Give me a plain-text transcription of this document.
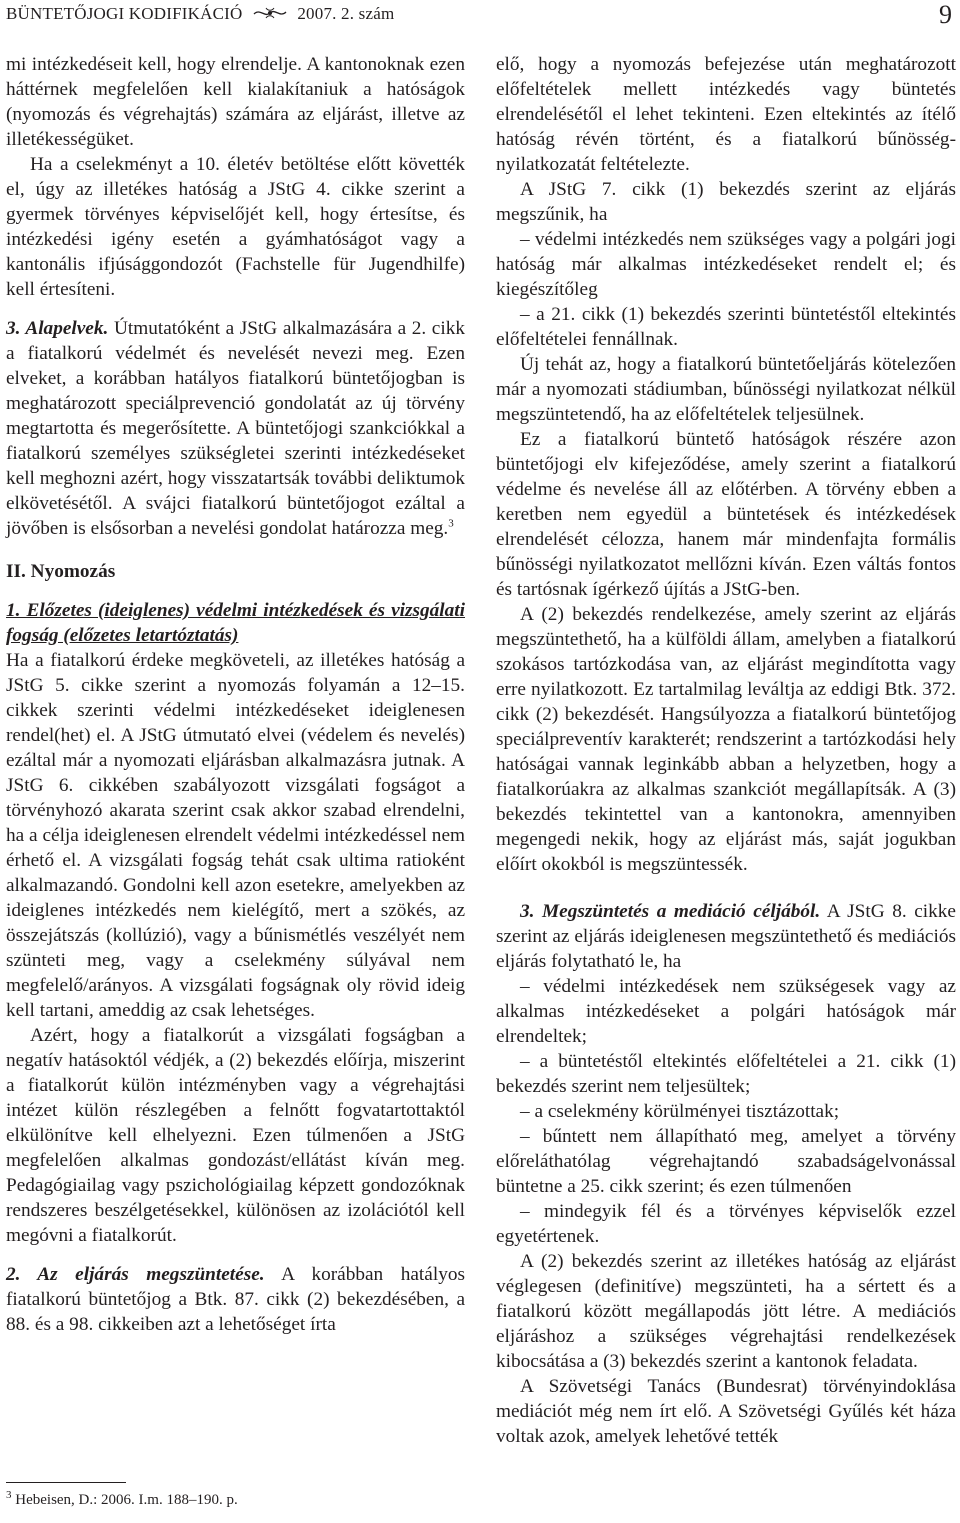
BÜNTETŐJOGI KODIFIKÁCIÓ	2007. 2. szám	9

mi intézkedéseit kell, hogy elrendelje. A kantonoknak ezen háttérnek megfelelően kell kialakítaniuk a hatóságok (nyomozás és végrehajtás) számára az eljárást, illetve az illetékességüket.

Ha a cselekményt a 10. életév betöltése előtt követték el, úgy az illetékes hatóság a JStG 4. cikke szerint a gyermek törvényes képviselőjét kell, hogy értesítse, és intézkedési igény esetén a gyámhatóságot vagy a kantonális ifjúsággondozót (Fachstelle für Jugendhilfe) kell értesíteni.

3. Alapelvek. Útmutatóként a JStG alkalmazására a 2. cikk a fiatalkorú védelmét és nevelését nevezi meg. Ezen elveket, a korábban hatályos fiatalkorú büntetőjogban is meghatározott speciálprevenció gondolatát az új törvény megtartotta és megerősítette. A büntetőjogi szankciókkal a fiatalkorú személyes szükségletei szerinti intézkedéseket kell meghozni azért, hogy visszatartsák további deliktumok elkövetésétől. A svájci fiatalkorú büntetőjogot ezáltal a jövőben is elsősorban a nevelési gondolat határozza meg.$^3$

II. Nyomozás

1. Előzetes (ideiglenes) védelmi intézkedések és vizsgálati fogság (előzetes letartóztatás)

Ha a fiatalkorú érdeke megköveteli, az illetékes hatóság a JStG 5. cikke szerint a nyomozás folyamán a 12–15. cikkek szerinti védelmi intézkedéseket ideiglenesen rendel(het) el. A JStG útmutató elvei (védelem és nevelés) ezáltal már a nyomozati eljárásban alkalmazásra jutnak. A JStG 6. cikkében szabályozott vizsgálati fogságot a törvényhozó akarata szerint csak akkor szabad elrendelni, ha a célja ideiglenesen elrendelt védelmi intézkedéssel nem érhető el. A vizsgálati fogság tehát csak ultima ratioként alkalmazandó. Gondolni kell azon esetekre, amelyekben az ideiglenes intézkedés nem kielégítő, mert a szökés, az összejátszás (kollúzió), vagy a bűnismétlés veszélyét nem szünteti meg, vagy a cselekmény súlyával nem megfelelő/arányos. A vizsgálati fogságnak oly rövid ideig kell tartani, ameddig az csak lehetséges.

Azért, hogy a fiatalkorút a vizsgálati fogságban a negatív hatásoktól védjék, a (2) bekezdés előírja, miszerint a fiatalkorút külön intézményben vagy a végrehajtási intézet külön részlegében a felnőtt fogvatartottaktól elkülönítve kell elhelyezni. Ezen túlmenően a JStG megfelelően alkalmas gondozást/ellátást kíván meg. Pedagógiailag vagy pszichológiailag képzett gondozóknak rendszeres beszélgetésekkel, különösen az izolációtól kell megóvni a fiatalkorút.

2. Az eljárás megszüntetése. A korábban hatályos fiatalkorú büntetőjog a Btk. 87. cikk (2) bekezdésében, a 88. és a 98. cikkeiben azt a lehetőséget írta

elő, hogy a nyomozás befejezése után meghatározott előfeltételek mellett intézkedés vagy büntetés elrendelésétől el lehet tekinteni. Ezen eltekintés az ítélő hatóság révén történt, és a fiatalkorú bűnösség-nyilatkozatát feltételezte.

A JStG 7. cikk (1) bekezdés szerint az eljárás megszűnik, ha

– védelmi intézkedés nem szükséges vagy a polgári jogi hatóság már alkalmas intézkedéseket rendelt el; és kiegészítőleg

– a 21. cikk (1) bekezdés szerinti büntetéstől eltekintés előfeltételei fennállnak.

Új tehát az, hogy a fiatalkorú büntetőeljárás kötelezően már a nyomozati stádiumban, bűnösségi nyilatkozat nélkül megszüntetendő, ha az előfeltételek teljesülnek.

Ez a fiatalkorú büntető hatóságok részére azon büntetőjogi elv kifejeződése, amely szerint a fiatalkorú védelme és nevelése áll az előtérben. A törvény ebben a keretben nem egyedül a büntetések és intézkedések elrendelését célozza, hanem már mindenfajta formális bűnösségi nyilatkozatot mellőzni kíván. Ezen váltás fontos és tartósnak ígérkező újítás a JStG-ben.

A (2) bekezdés rendelkezése, amely szerint az eljárás megszüntethető, ha a külföldi állam, amelyben a fiatalkorú szokásos tartózkodása van, az eljárást megindította vagy erre nyilatkozott. Ez tartalmilag leváltja az eddigi Btk. 372. cikk (2) bekezdését. Hangsúlyozza a fiatalkorú büntetőjog speciálpreventív karakterét; rendszerint a tartózkodási hely hatóságai vannak leginkább abban a helyzetben, hogy a fiatalkorúakra az alkalmas szankciót megállapítsák. A (3) bekezdés tekintettel van a kantonokra, amennyiben megengedi nekik, hogy az eljárást más, saját jogukban előírt okokból is megszüntessék.

3. Megszüntetés a mediáció céljából. A JStG 8. cikke szerint az eljárás ideiglenesen megszüntethető és mediációs eljárás folytatható le, ha

– védelmi intézkedések nem szükségesek vagy az alkalmas intézkedéseket a polgári hatóságok már elrendeltek;

– a büntetéstől eltekintés előfeltételei a 21. cikk (1) bekezdés szerint nem teljesültek;

– a cselekmény körülményei tisztázottak;

– bűntett nem állapítható meg, amelyet a törvény előreláthatólag végrehajtandó szabadságelvonással büntetne a 25. cikk szerint; és ezen túlmenően

– mindegyik fél és a törvényes képviselők ezzel egyetértenek.

A (2) bekezdés szerint az illetékes hatóság az eljárást véglegesen (definitíve) megszünteti, ha a sértett és a fiatalkorú között megállapodás jött létre. A mediációs eljáráshoz a szükséges végrehajtási rendelkezések kibocsátása a (3) bekezdés szerint a kantonok feladata.

A Szövetségi Tanács (Bundesrat) törvényindoklása mediációt még nem írt elő. A Szövetségi Gyűlés két háza voltak azok, amelyek lehetővé tették

$^3$ Hebeisen, D.: 2006. I.m. 188–190. p.
